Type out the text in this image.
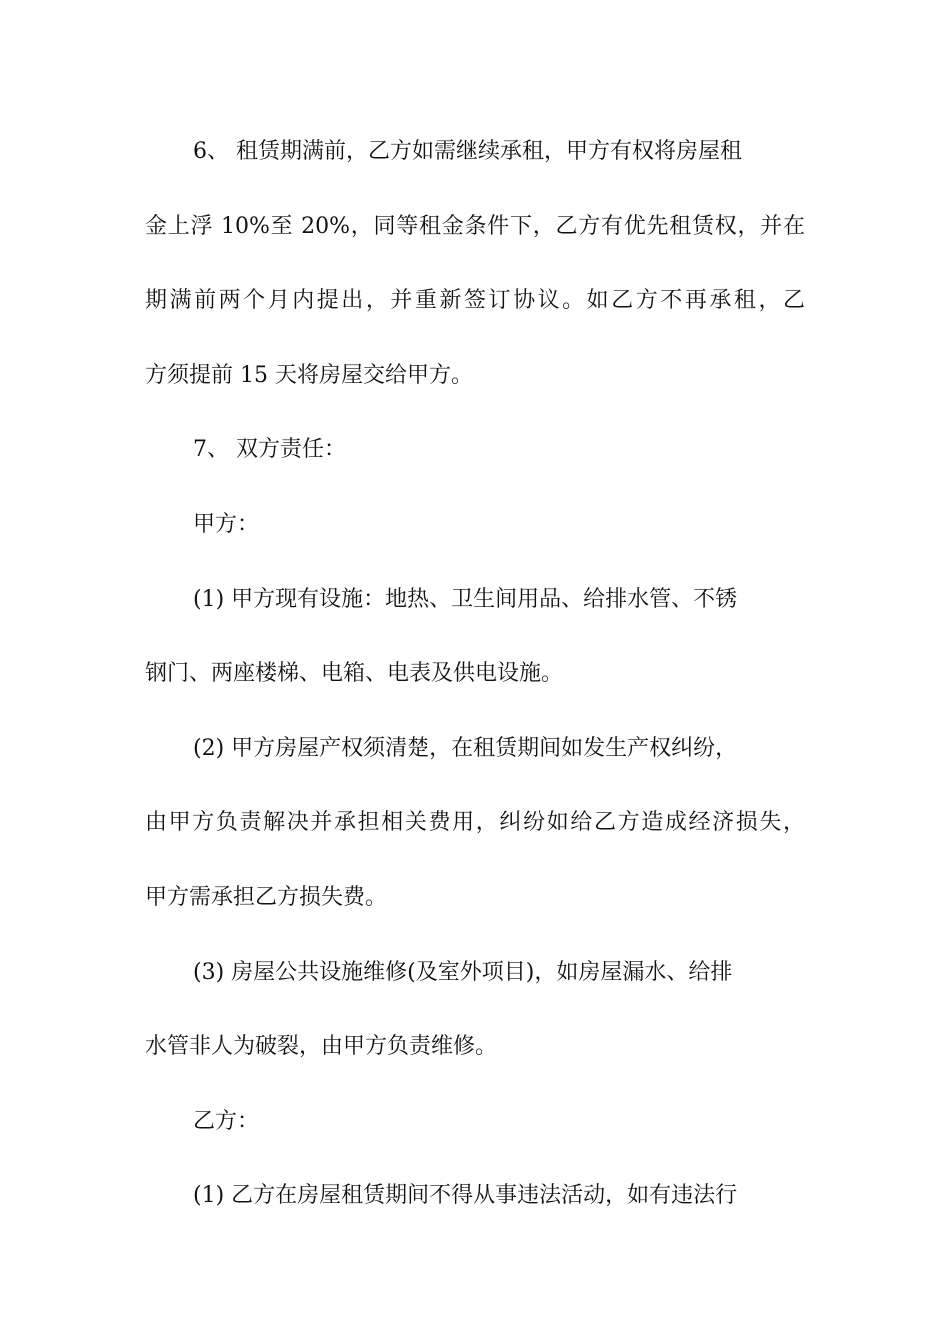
6、 租赁期满前，乙方如需继续承租，甲方有权将房屋租
金上浮 10%至 20%，同等租金条件下，乙方有优先租赁权，并在
期满前两个月内提出，并重新签订协议。如乙方不再承租，乙
方须提前 15 天将房屋交给甲方。
7、 双方责任：
甲方：
(1) 甲方现有设施：地热、卫生间用品、给排水管、不锈
钢门、两座楼梯、电箱、电表及供电设施。
(2) 甲方房屋产权须清楚，在租赁期间如发生产权纠纷，
由甲方负责解决并承担相关费用，纠纷如给乙方造成经济损失，
甲方需承担乙方损失费。
(3) 房屋公共设施维修(及室外项目)，如房屋漏水、给排
水管非人为破裂，由甲方负责维修。
乙方：
(1) 乙方在房屋租赁期间不得从事违法活动，如有违法行
